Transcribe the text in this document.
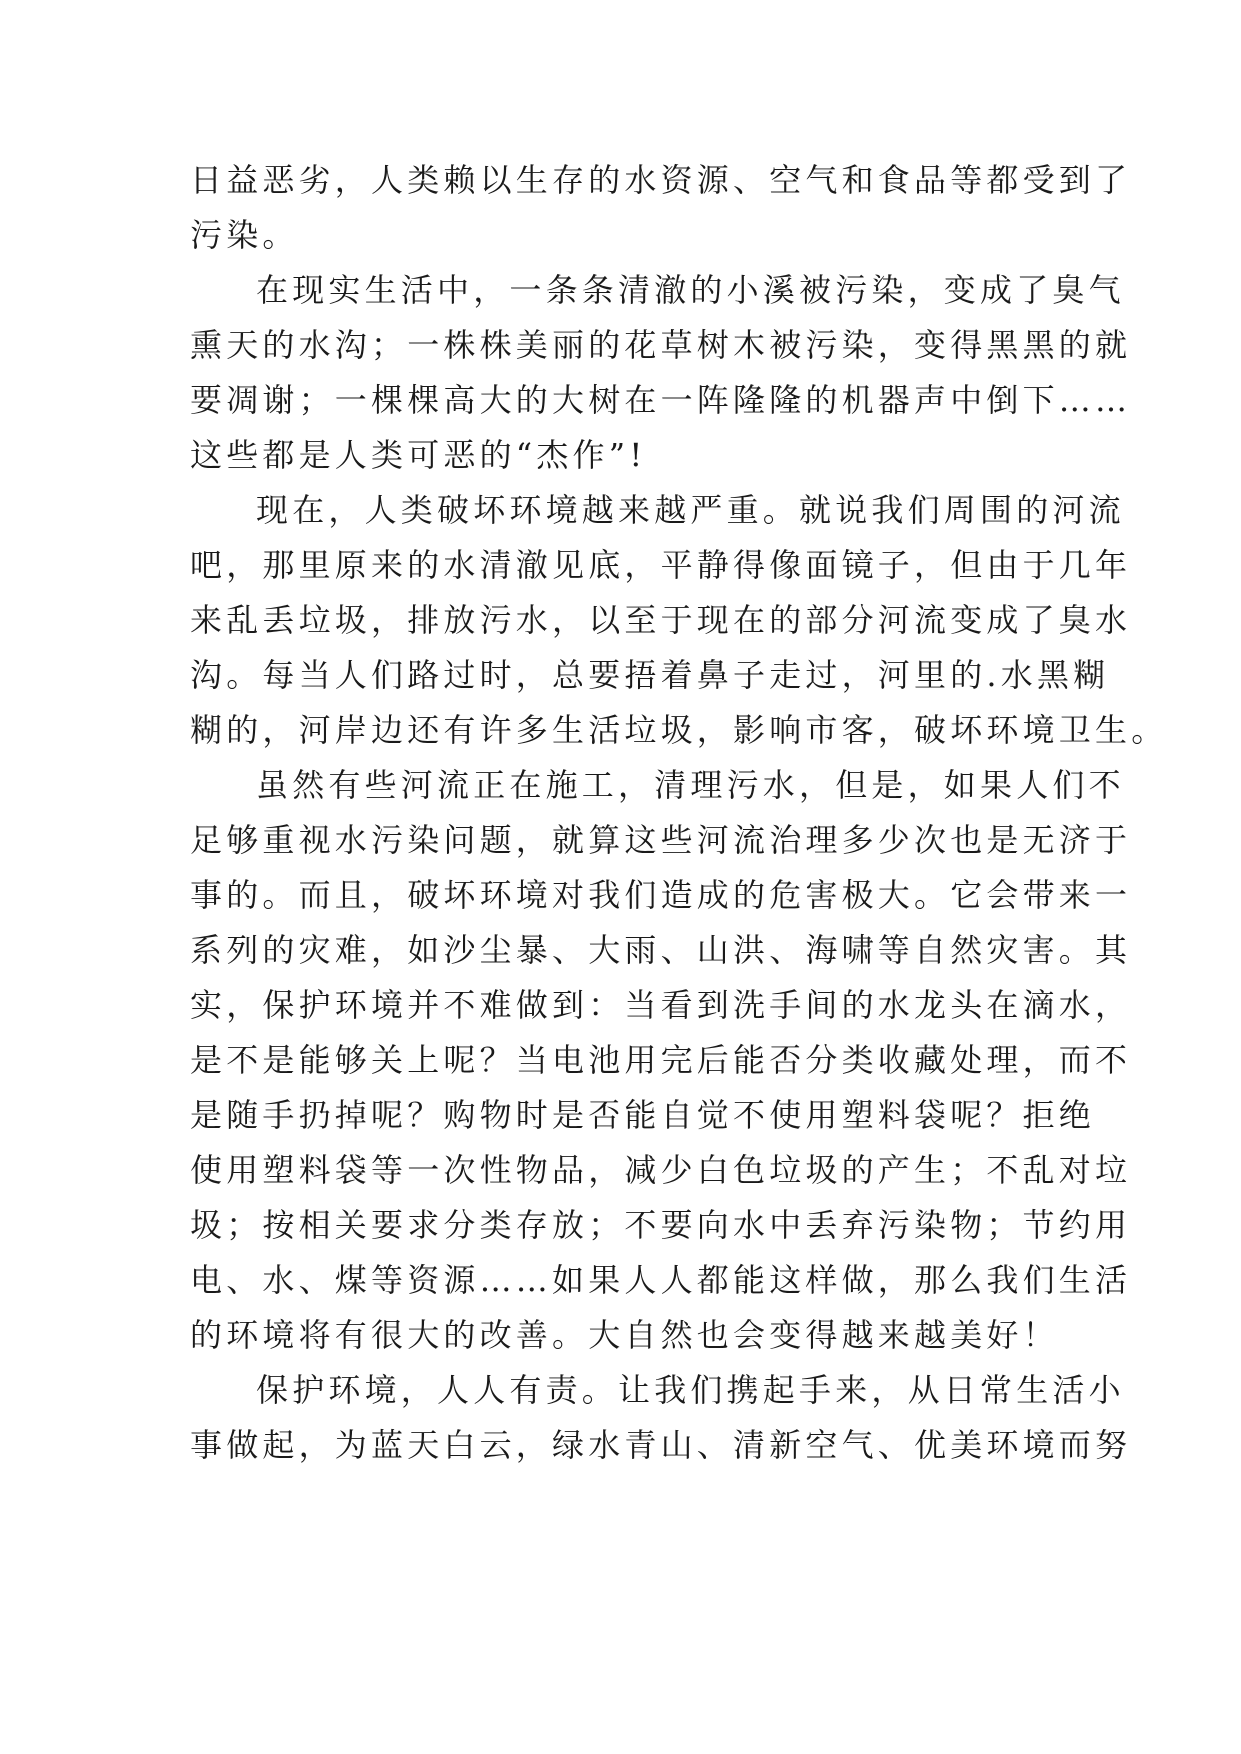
日益恶劣，人类赖以生存的水资源、空气和食品等都受到了
污染。
在现实生活中，一条条清澈的小溪被污染，变成了臭气
熏天的水沟；一株株美丽的花草树木被污染，变得黑黑的就
要凋谢；一棵棵高大的大树在一阵隆隆的机器声中倒下……
这些都是人类可恶的“杰作”!
现在，人类破坏环境越来越严重。就说我们周围的河流
吧，那里原来的水清澈见底，平静得像面镜子，但由于几年
来乱丢垃圾，排放污水，以至于现在的部分河流变成了臭水
沟。每当人们路过时，总要捂着鼻子走过，河里的.水黑糊
糊的，河岸边还有许多生活垃圾，影响市客，破坏环境卫生。
虽然有些河流正在施工，清理污水，但是，如果人们不
足够重视水污染问题，就算这些河流治理多少次也是无济于
事的。而且，破坏环境对我们造成的危害极大。它会带来一
系列的灾难，如沙尘暴、大雨、山洪、海啸等自然灾害。其
实，保护环境并不难做到：当看到洗手间的水龙头在滴水，
是不是能够关上呢？当电池用完后能否分类收藏处理，而不
是随手扔掉呢？购物时是否能自觉不使用塑料袋呢？拒绝
使用塑料袋等一次性物品，减少白色垃圾的产生；不乱对垃
圾；按相关要求分类存放；不要向水中丢弃污染物；节约用
电、水、煤等资源……如果人人都能这样做，那么我们生活
的环境将有很大的改善。大自然也会变得越来越美好！
保护环境，人人有责。让我们携起手来，从日常生活小
事做起，为蓝天白云，绿水青山、清新空气、优美环境而努
